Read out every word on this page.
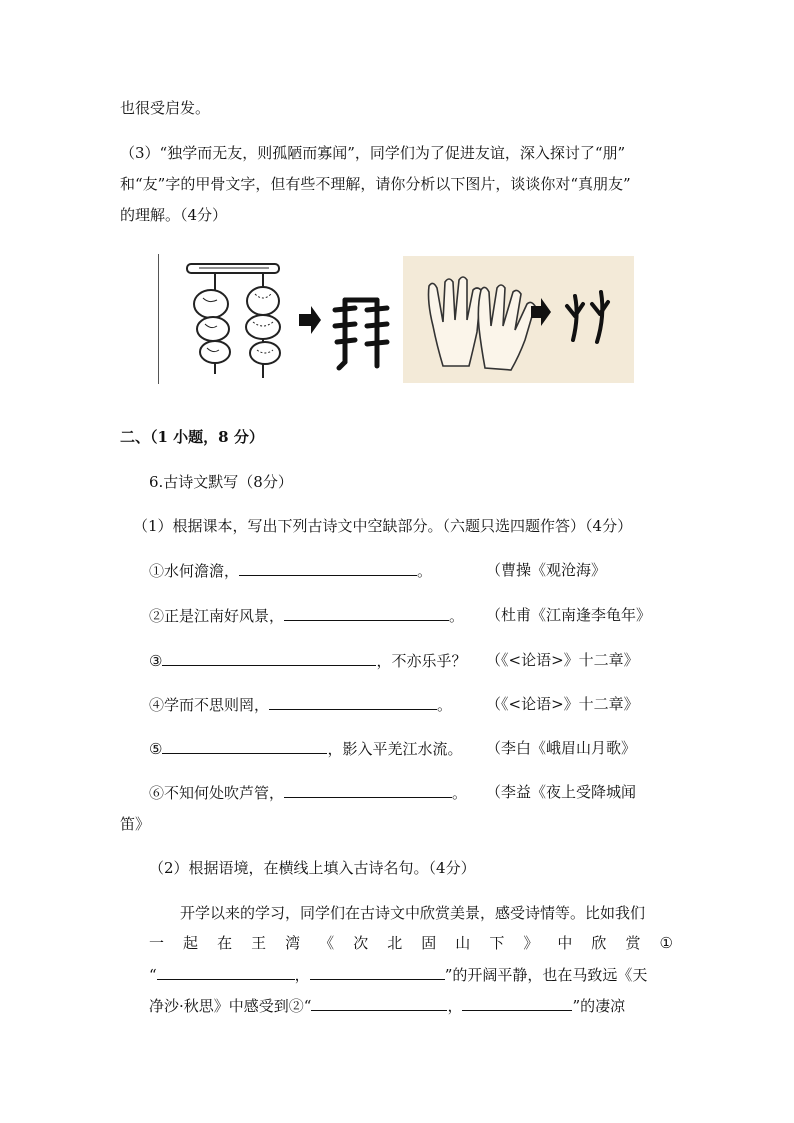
也很受启发。
（3）“独学而无友，则孤陋而寡闻”，同学们为了促进友谊，深入探讨了“朋”
和“友”字的甲骨文字，但有些不理解，请你分析以下图片，谈谈你对“真朋友”
的理解。（4分）
二、（1 小题，8 分）
6.古诗文默写（8分）
（1）根据课本，写出下列古诗文中空缺部分。（六题只选四题作答）（4分）
①水何澹澹，	。	（曹操《观沧海》
②正是江南好风景，	。 （杜甫《江南逢李龟年》
③	，不亦乐乎？ （《<论语>》十二章》
④学而不思则罔，	。 （《<论语>》十二章》
⑤	，影入平羌江水流。 （李白《峨眉山月歌》
⑥不知何处吹芦管，	。 （李益《夜上受降城闻
笛》
（2）根据语境，在横线上填入古诗名句。（4分）
开学以来的学习，同学们在古诗文中欣赏美景，感受诗情等。比如我们
一 起 在 王 湾 《 次 北 固 山 下 》 中 欣 赏 ①
“	，	”的开阔平静，也在马致远《天
净沙·秋思》中感受到②“	，	”的凄凉
